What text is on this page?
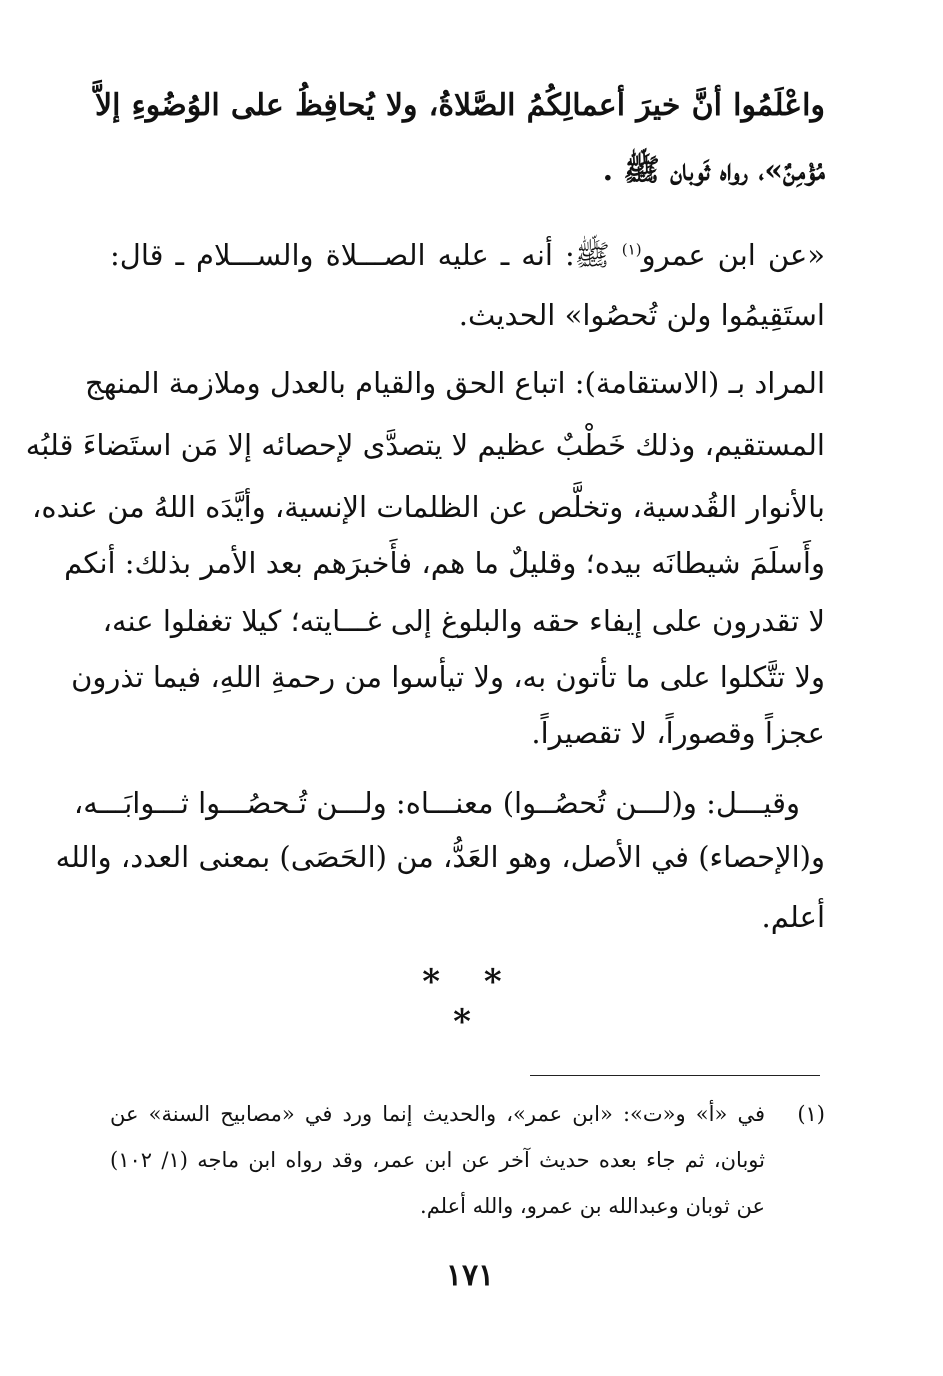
واعْلَمُوا أنَّ خيرَ أعمالِكُمُ الصَّلاةُ، ولا يُحافِظُ على الوُضُوءِ إلاَّ
مُؤْمِنٌ»، رواه ثَوبان ﷺ .
«عن ابن عمرو$^{(١)}$ ﷺ: أنه ـ عليه الصـــلاة والســـلام ـ قال:
استَقِيمُوا ولن تُحصُوا» الحديث.
المراد بـ (الاستقامة): اتباع الحق والقيام بالعدل وملازمة المنهج
المستقيم، وذلك خَطْبٌ عظيم لا يتصدَّى لإحصائه إلا مَن استَضاءَ قلبُه
بالأنوار القُدسية، وتخلَّص عن الظلمات الإنسية، وأيَّدَه اللهُ من عنده،
وأَسلَمَ شيطانَه بيده؛ وقليلٌ ما هم، فأَخبرَهم بعد الأمر بذلك: أنكم
لا تقدرون على إيفاء حقه والبلوغ إلى غـــايته؛ كيلا تغفلوا عنه،
ولا تتَّكلوا على ما تأتون به، ولا تيأسوا من رحمةِ اللهِ، فيما تذرون
عجزاً وقصوراً، لا تقصيراً.
وقيـــل: و(لـــن تُحصُــوا) معنـــاه: ولـــن تُـحصُـــوا ثـــوابَـــه،
و(الإحصاء) في الأصل، وهو العَدُّ، من (الحَصَى) بمعنى العدد، والله
أعلم.
* * *
(١)
في «أ» و«ت»: «ابن عمر»، والحديث إنما ورد في «مصابيح السنة» عن
ثوبان، ثم جاء بعده حديث آخر عن ابن عمر، وقد رواه ابن ماجه (١/ ١٠٢)
عن ثوبان وعبدالله بن عمرو، والله أعلم.
١٧١
